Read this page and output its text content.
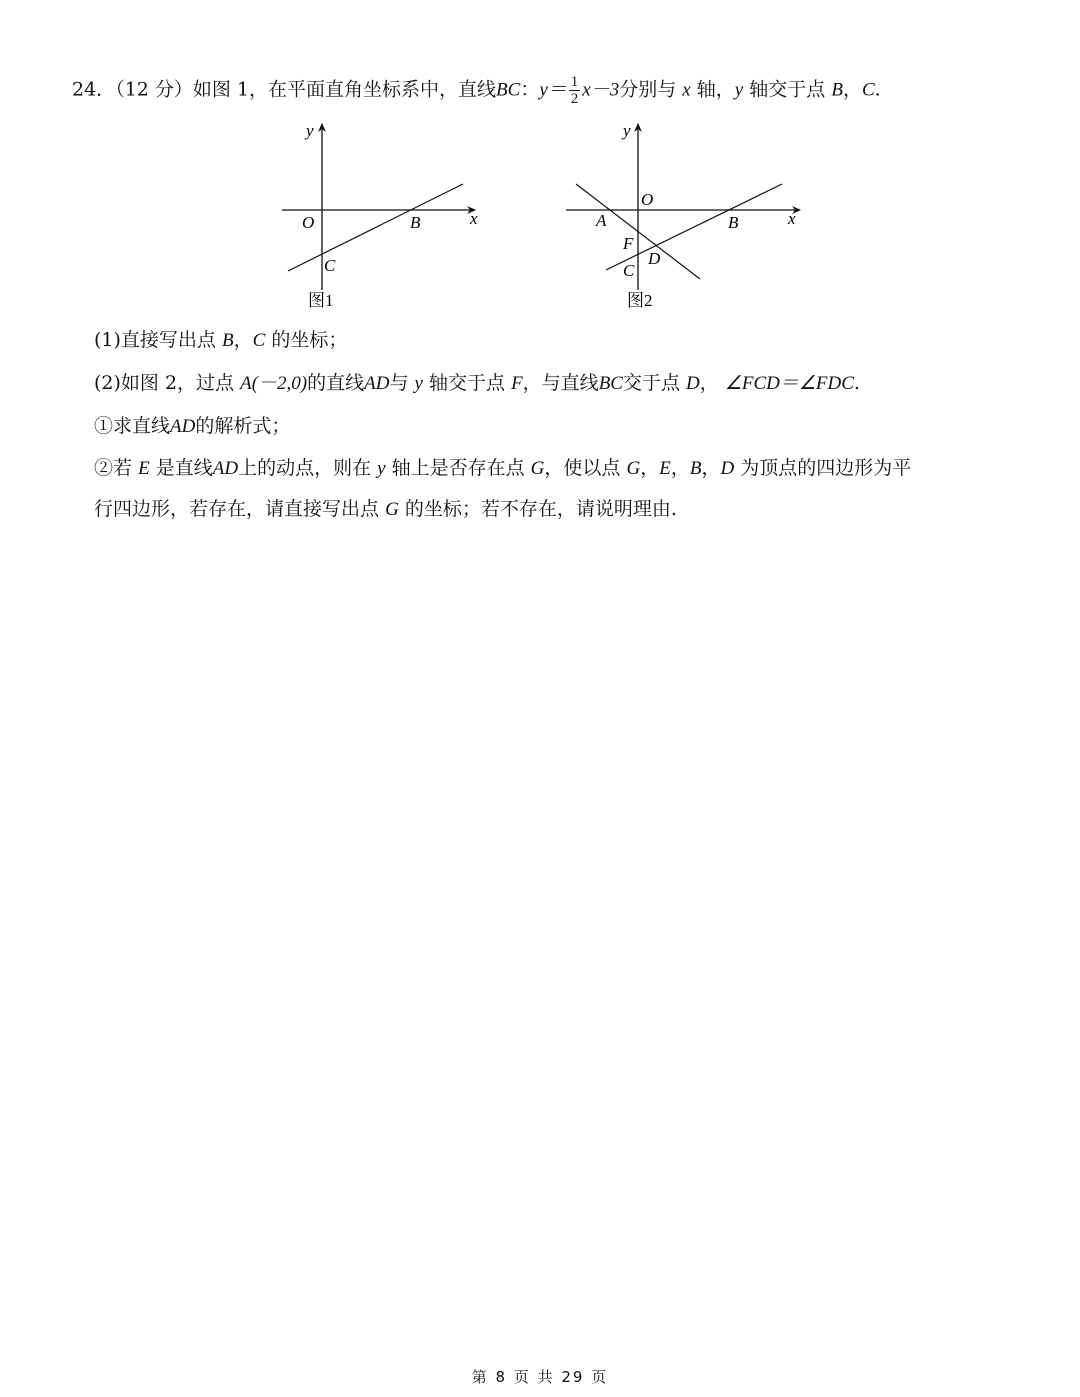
24．（12 分）如图 1，在平面直角坐标系中，直线BC：$y= \frac{1}{2} x-3$分别与 x 轴，y 轴交于点 B，C.
y
x
O	B
C
图1
y
x
O
A	B
F
D
C
图2
(1)直接写出点 B，C 的坐标；
(2)如图 2，过点 A(－2,0)的直线AD与 y 轴交于点 F，与直线BC交于点 D， ∠FCD＝∠FDC.
①求直线AD的解析式；
②若 E 是直线AD上的动点，则在 y 轴上是否存在点 G，使以点 G，E，B，D 为顶点的四边形为平
行四边形，若存在，请直接写出点 G 的坐标；若不存在，请说明理由.
第 8 页 共 29 页
